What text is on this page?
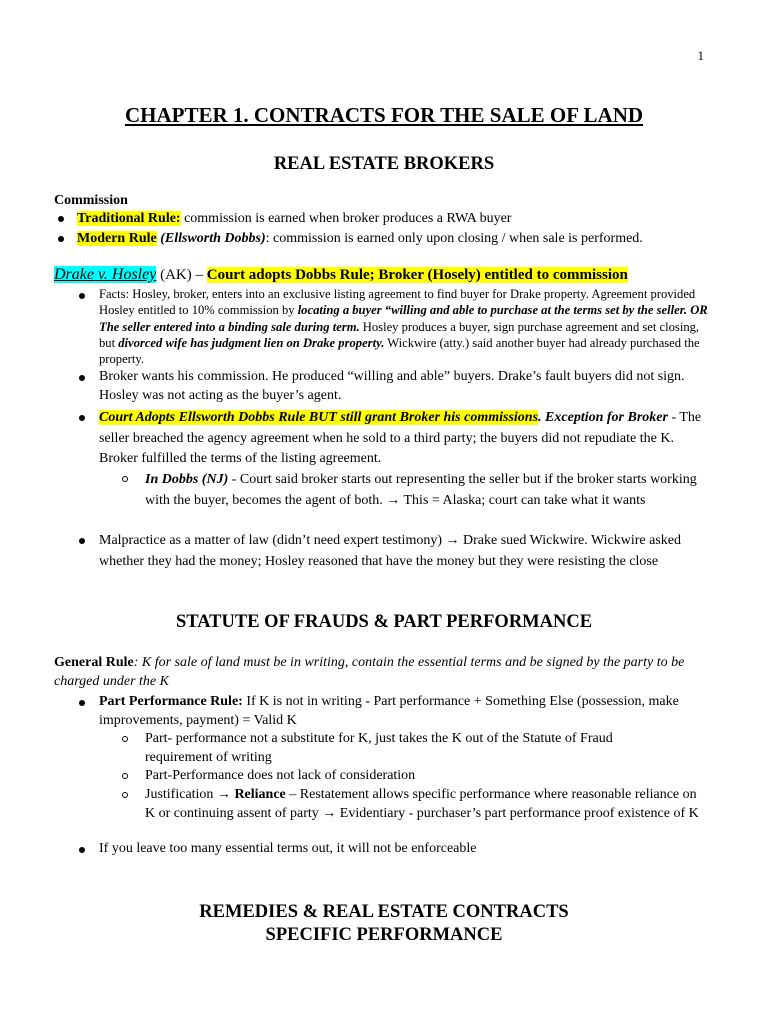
1
CHAPTER 1. CONTRACTS FOR THE SALE OF LAND
REAL ESTATE BROKERS
Commission
Traditional Rule: commission is earned when broker produces a RWA buyer
Modern Rule (Ellsworth Dobbs): commission is earned only upon closing / when sale is performed.
Drake v. Hosley (AK) – Court adopts Dobbs Rule; Broker (Hosely) entitled to commission
Facts: Hosley, broker, enters into an exclusive listing agreement to find buyer for Drake property. Agreement provided Hosley entitled to 10% commission by locating a buyer “willing and able to purchase at the terms set by the seller. OR The seller entered into a binding sale during term. Hosley produces a buyer, sign purchase agreement and set closing, but divorced wife has judgment lien on Drake property. Wickwire (atty.) said another buyer had already purchased the property.
Broker wants his commission. He produced “willing and able” buyers. Drake’s fault buyers did not sign. Hosley was not acting as the buyer’s agent.
Court Adopts Ellsworth Dobbs Rule BUT still grant Broker his commissions. Exception for Broker - The seller breached the agency agreement when he sold to a third party; the buyers did not repudiate the K. Broker fulfilled the terms of the listing agreement.
In Dobbs (NJ) - Court said broker starts out representing the seller but if the broker starts working with the buyer, becomes the agent of both. → This = Alaska; court can take what it wants
Malpractice as a matter of law (didn’t need expert testimony) → Drake sued Wickwire. Wickwire asked whether they had the money; Hosley reasoned that have the money but they were resisting the close
STATUTE OF FRAUDS & PART PERFORMANCE
General Rule: K for sale of land must be in writing, contain the essential terms and be signed by the party to be charged under the K
Part Performance Rule: If K is not in writing - Part performance + Something Else (possession, make improvements, payment) = Valid K
Part- performance not a substitute for K, just takes the K out of the Statute of Fraud requirement of writing
Part-Performance does not lack of consideration
Justification → Reliance – Restatement allows specific performance where reasonable reliance on K or continuing assent of party → Evidentiary - purchaser’s part performance proof existence of K
If you leave too many essential terms out, it will not be enforceable
REMEDIES & REAL ESTATE CONTRACTS
SPECIFIC PERFORMANCE
